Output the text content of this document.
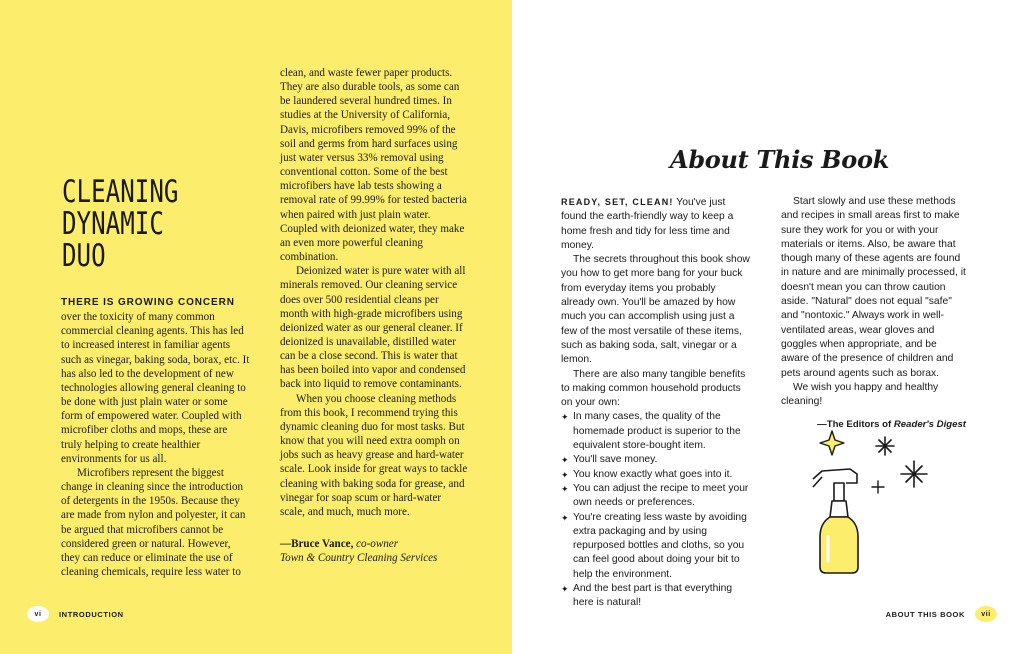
CLEANING
DYNAMIC
DUO

THERE IS GROWING CONCERN over the toxicity of many common commercial cleaning agents. This has led to increased interest in familiar agents such as vinegar, baking soda, borax, etc. It has also led to the development of new technologies allowing general cleaning to be done with just plain water or some form of empowered water. Coupled with microfiber cloths and mops, these are truly helping to create healthier environments for us all.

Microfibers represent the biggest change in cleaning since the introduction of detergents in the 1950s. Because they are made from nylon and polyester, it can be argued that microfibers cannot be considered green or natural. However, they can reduce or eliminate the use of cleaning chemicals, require less water to

clean, and waste fewer paper products. They are also durable tools, as some can be laundered several hundred times. In studies at the University of California, Davis, microfibers removed 99% of the soil and germs from hard surfaces using just water versus 33% removal using conventional cotton. Some of the best microfibers have lab tests showing a removal rate of 99.99% for tested bacteria when paired with just plain water. Coupled with deionized water, they make an even more powerful cleaning combination.

Deionized water is pure water with all minerals removed. Our cleaning service does over 500 residential cleans per month with high-grade microfibers using deionized water as our general cleaner. If deionized is unavailable, distilled water can be a close second. This is water that has been boiled into vapor and condensed back into liquid to remove contaminants.

When you choose cleaning methods from this book, I recommend trying this dynamic cleaning duo for most tasks. But know that you will need extra oomph on jobs such as heavy grease and hard-water scale. Look inside for great ways to tackle cleaning with baking soda for grease, and vinegar for soap scum or hard-water scale, and much, much more.

—Bruce Vance, co-owner
Town & Country Cleaning Services
vi	INTRODUCTION
About This Book

READY, SET, CLEAN! You've just found the earth-friendly way to keep a home fresh and tidy for less time and money.

The secrets throughout this book show you how to get more bang for your buck from everyday items you probably already own. You'll be amazed by how much you can accomplish using just a few of the most versatile of these items, such as baking soda, salt, vinegar or a lemon.

There are also many tangible benefits to making common household products on your own:

✦ In many cases, the quality of the homemade product is superior to the equivalent store-bought item.
✦ You'll save money.
✦ You know exactly what goes into it.
✦ You can adjust the recipe to meet your own needs or preferences.
✦ You're creating less waste by avoiding extra packaging and by using repurposed bottles and cloths, so you can feel good about doing your bit to help the environment.
✦ And the best part is that everything here is natural!

Start slowly and use these methods and recipes in small areas first to make sure they work for you or with your materials or items. Also, be aware that though many of these agents are found in nature and are minimally processed, it doesn't mean you can throw caution aside. "Natural" does not equal "safe" and "nontoxic." Always work in well-ventilated areas, wear gloves and goggles when appropriate, and be aware of the presence of children and pets around agents such as borax.

We wish you happy and healthy cleaning!

—The Editors of Reader's Digest
ABOUT THIS BOOK	vii
